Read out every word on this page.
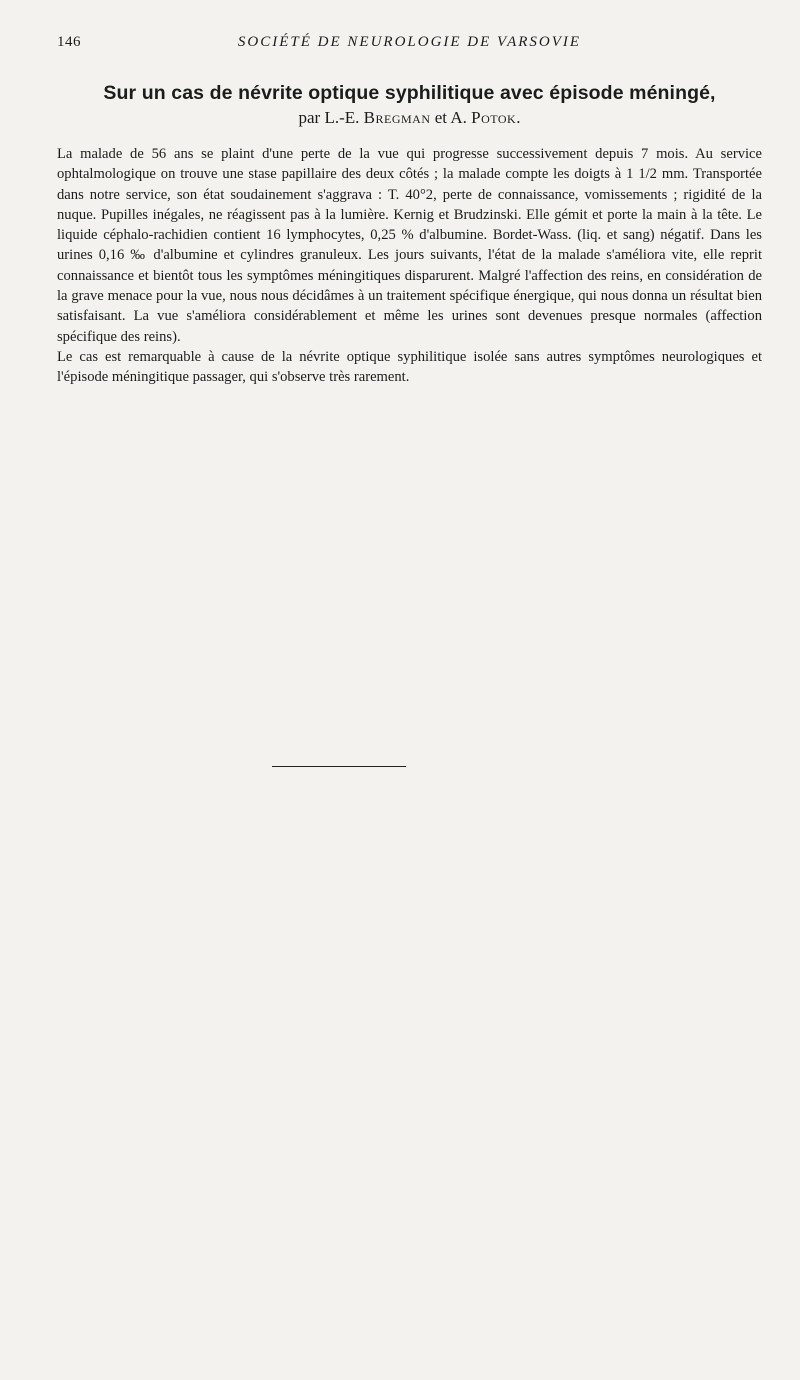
146	SOCIÉTÉ DE NEUROLOGIE DE VARSOVIE
Sur un cas de névrite optique syphilitique avec épisode méningé,
par L.-E. Bregman et A. Potok.

La malade de 56 ans se plaint d'une perte de la vue qui progresse successivement depuis 7 mois. Au service ophtalmologique on trouve une stase papillaire des deux côtés ; la malade compte les doigts à 1 1/2 mm. Transportée dans notre service, son état soudainement s'aggrava : T. 40°2, perte de connaissance, vomissements ; rigidité de la nuque. Pupilles inégales, ne réagissent pas à la lumière. Kernig et Brudzinski. Elle gémit et porte la main à la tête. Le liquide céphalo-rachidien contient 16 lymphocytes, 0,25 % d'albumine. Bordet-Wass. (liq. et sang) négatif. Dans les urines 0,16 ‰ d'albumine et cylindres granuleux. Les jours suivants, l'état de la malade s'améliora vite, elle reprit connaissance et bientôt tous les symptômes méningitiques disparurent. Malgré l'affection des reins, en considération de la grave menace pour la vue, nous nous décidâmes à un traitement spécifique énergique, qui nous donna un résultat bien satisfaisant. La vue s'améliora considérablement et même les urines sont devenues presque normales (affection spécifique des reins).

Le cas est remarquable à cause de la névrite optique syphilitique isolée sans autres symptômes neurologiques et l'épisode méningitique passager, qui s'observe très rarement.
